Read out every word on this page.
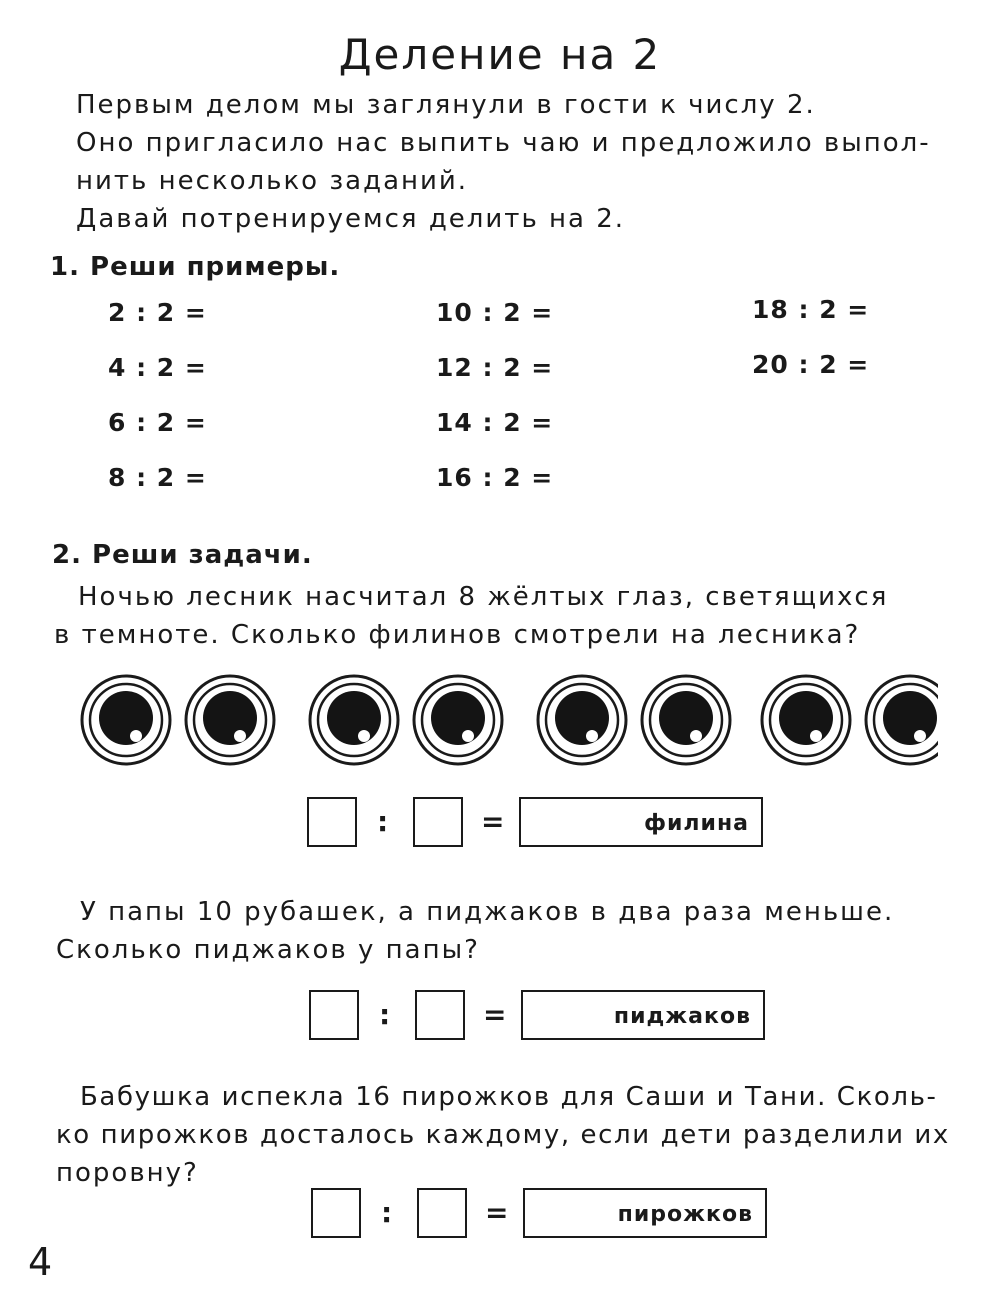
Деление на 2
Первым делом мы заглянули в гости к числу 2.
Оно пригласило нас выпить чаю и предложило выпол-
нить несколько заданий.
Давай потренируемся делить на 2.
1. Реши примеры.
2 : 2 =
4 : 2 =
6 : 2 =
8 : 2 =
10 : 2 =
12 : 2 =
14 : 2 =
16 : 2 =
18 : 2 =
20 : 2 =
2. Реши задачи.
Ночью лесник насчитал 8 жёлтых глаз, светящихся
в темноте. Сколько филинов смотрели на лесника?
:	=	филина
У папы 10 рубашек, а пиджаков в два раза меньше.
Сколько пиджаков у папы?
:	=	пиджаков
Бабушка испекла 16 пирожков для Саши и Тани. Сколь-
ко пирожков досталось каждому, если дети разделили их
поровну?
:	=	пирожков
4
